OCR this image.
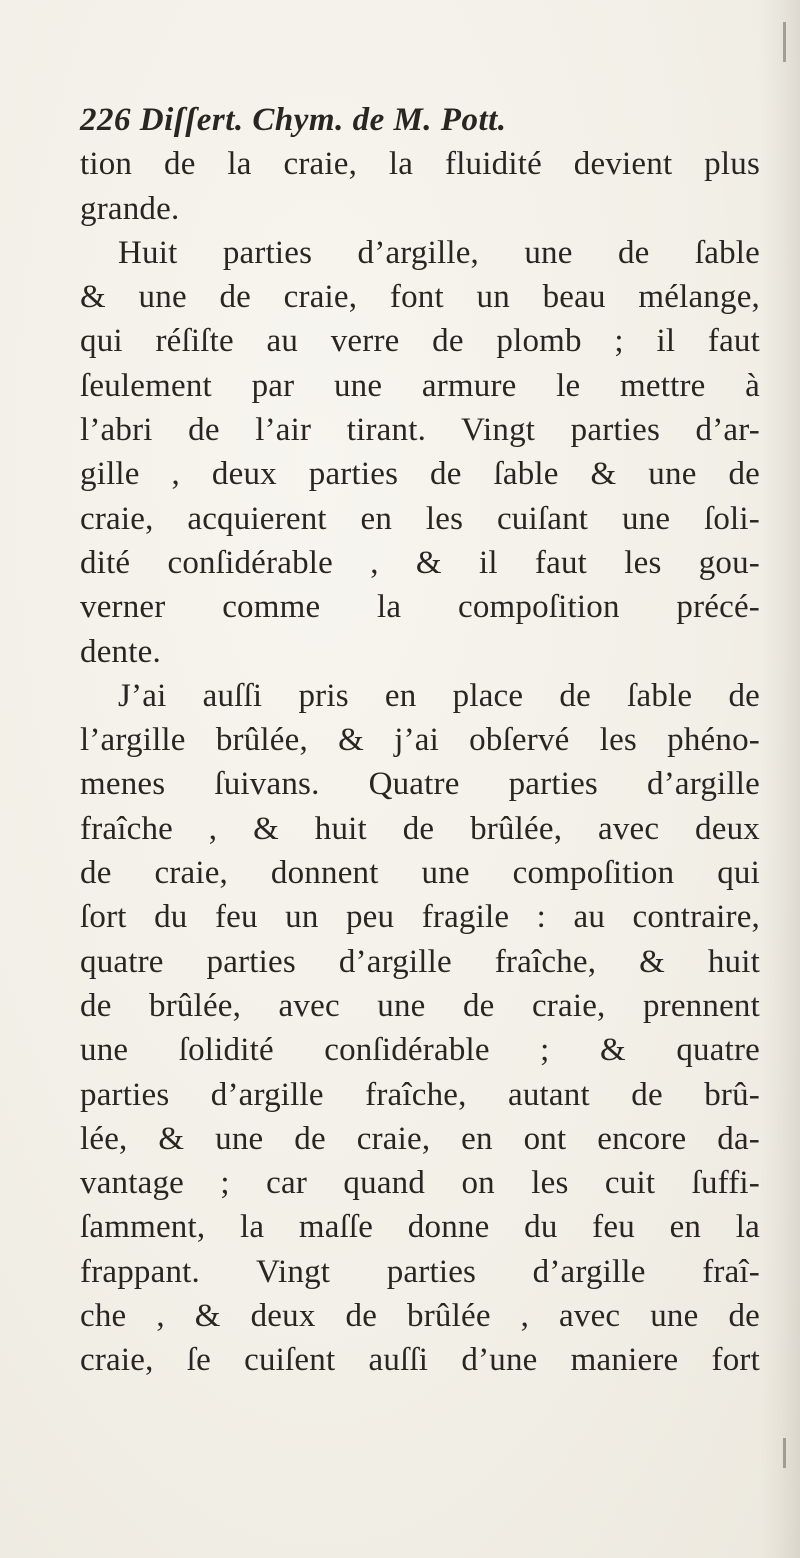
226 Diſſert. Chym. de M. Pott.
tion de la craie, la fluidité devient plus
grande.
Huit parties d’argille, une de ſable
& une de craie, font un beau mélange,
qui réſiſte au verre de plomb ; il faut
ſeulement par une armure le mettre à
l’abri de l’air tirant. Vingt parties d’ar-
gille , deux parties de ſable & une de
craie, acquierent en les cuiſant une ſoli-
dité conſidérable , & il faut les gou-
verner comme la compoſition précé-
dente.
J’ai auſſi pris en place de ſable de
l’argille brûlée, & j’ai obſervé les phéno-
menes ſuivans. Quatre parties d’argille
fraîche , & huit de brûlée, avec deux
de craie, donnent une compoſition qui
ſort du feu un peu fragile : au contraire,
quatre parties d’argille fraîche, & huit
de brûlée, avec une de craie, prennent
une ſolidité conſidérable ; & quatre
parties d’argille fraîche, autant de brû-
lée, & une de craie, en ont encore da-
vantage ; car quand on les cuit ſuffi-
ſamment, la maſſe donne du feu en la
frappant. Vingt parties d’argille fraî-
che , & deux de brûlée , avec une de
craie, ſe cuiſent auſſi d’une maniere fort
